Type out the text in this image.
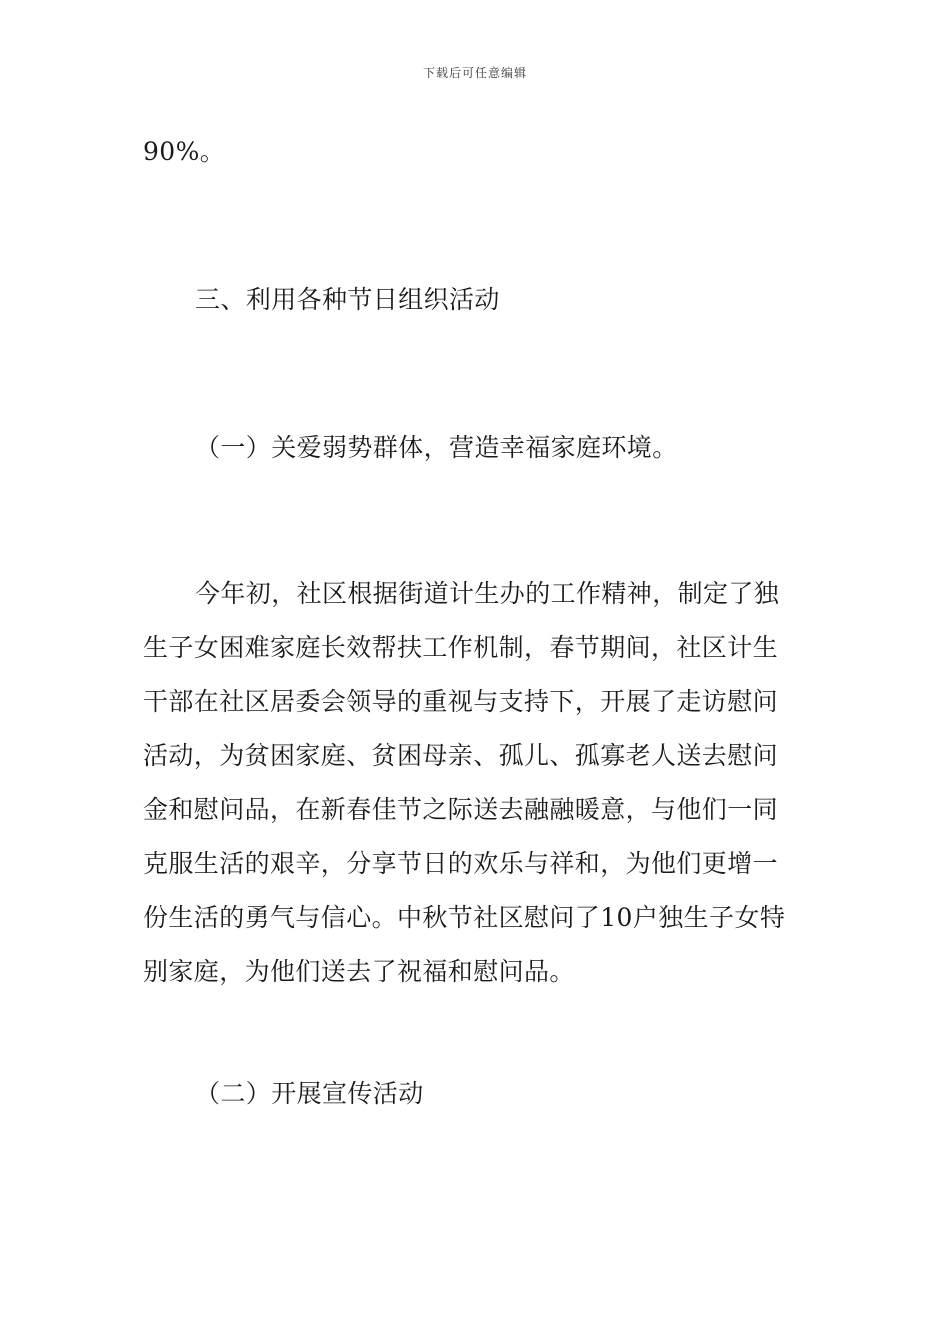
下载后可任意编辑
90%。
三、利用各种节日组织活动
（一）关爱弱势群体，营造幸福家庭环境。
今年初，社区根据街道计生办的工作精神，制定了独
生子女困难家庭长效帮扶工作机制，春节期间，社区计生
干部在社区居委会领导的重视与支持下，开展了走访慰问
活动，为贫困家庭、贫困母亲、孤儿、孤寡老人送去慰问
金和慰问品，在新春佳节之际送去融融暖意，与他们一同
克服生活的艰辛，分享节日的欢乐与祥和，为他们更增一
份生活的勇气与信心。中秋节社区慰问了10户独生子女特
别家庭，为他们送去了祝福和慰问品。
（二）开展宣传活动
